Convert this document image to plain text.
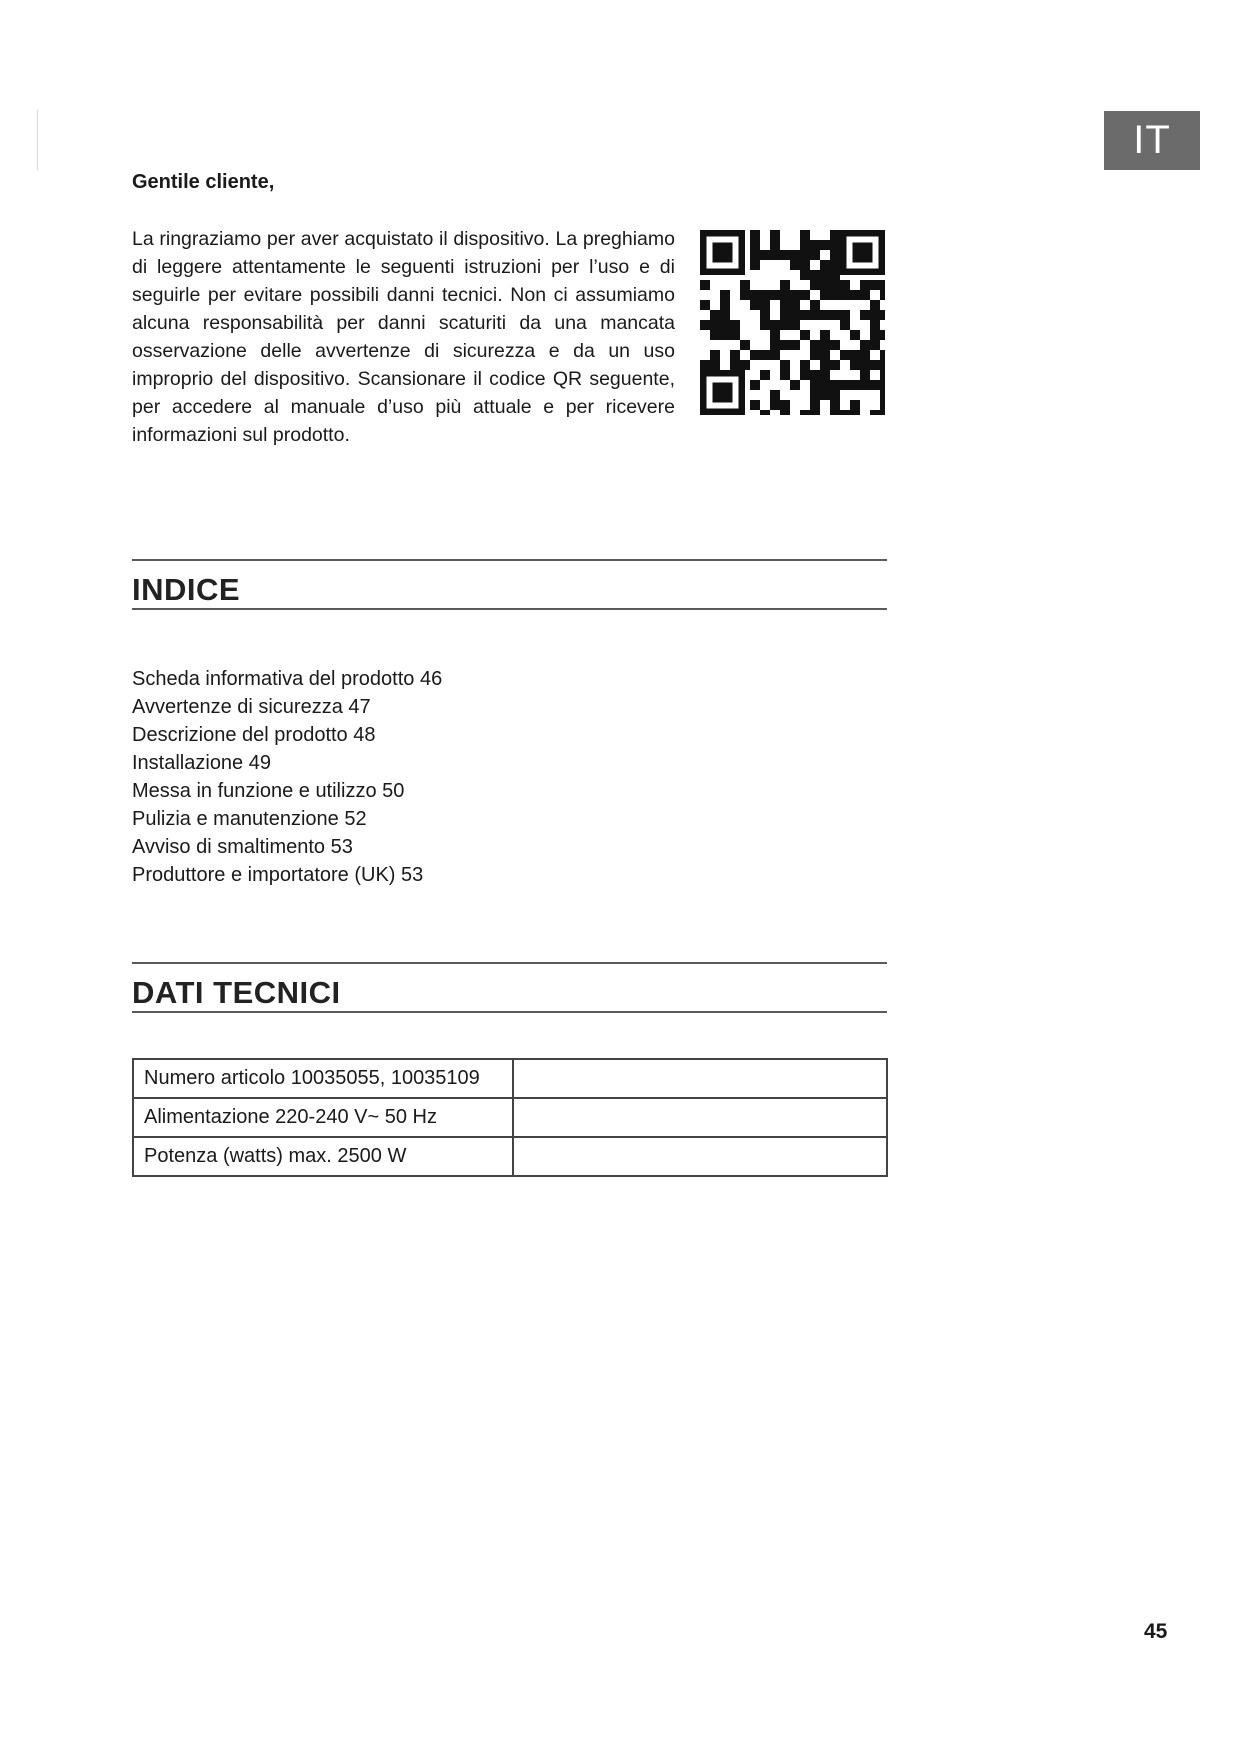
IT
Gentile cliente,

La ringraziamo per aver acquistato il dispositivo. La preghiamo di leggere attentamente le seguenti istruzioni per l’uso e di seguirle per evitare possibili danni tecnici. Non ci assumiamo alcuna responsabilità per danni scaturiti da una mancata osservazione delle avvertenze di sicurezza e da un uso improprio del dispositivo. Scansionare il codice QR seguente, per accedere al manuale d’uso più attuale e per ricevere informazioni sul prodotto.

INDICE
Scheda informativa del prodotto 46
Avvertenze di sicurezza 47
Descrizione del prodotto 48
Installazione 49
Messa in funzione e utilizzo 50
Pulizia e manutenzione 52
Avviso di smaltimento 53
Produttore e importatore (UK) 53
DATI TECNICI
Numero articolo 10035055, 10035109	
Alimentazione 220-240 V~ 50 Hz	
Potenza (watts) max. 2500 W	
45
